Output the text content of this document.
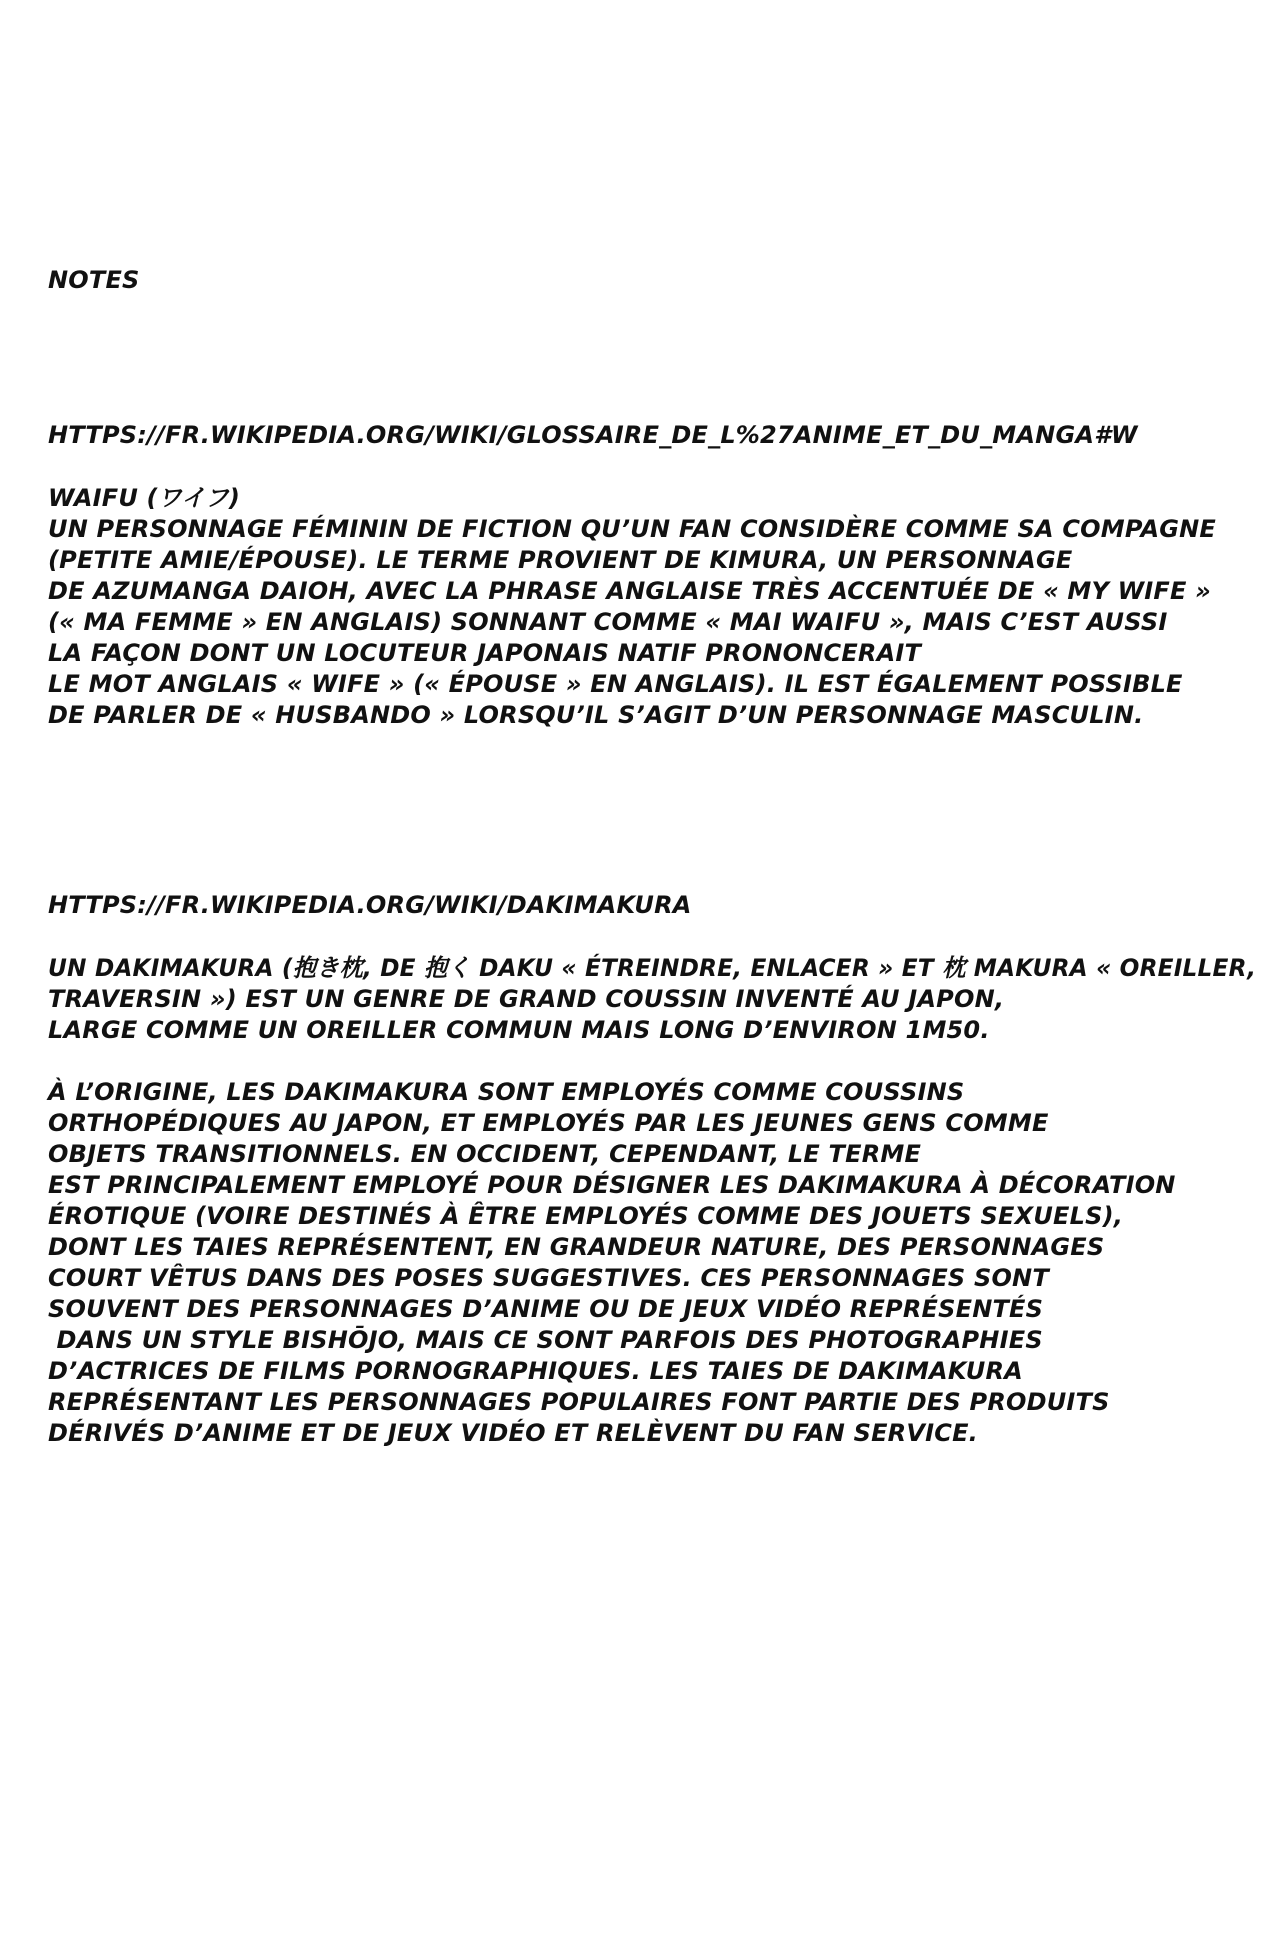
NOTES

HTTPS://FR.WIKIPEDIA.ORG/WIKI/GLOSSAIRE_DE_L%27ANIME_ET_DU_MANGA#W

WAIFU (ワイフ)

UN PERSONNAGE FÉMININ DE FICTION QU’UN FAN CONSIDÈRE COMME SA COMPAGNE

(PETITE AMIE/ÉPOUSE). LE TERME PROVIENT DE KIMURA, UN PERSONNAGE

DE AZUMANGA DAIOH, AVEC LA PHRASE ANGLAISE TRÈS ACCENTUÉE DE « MY WIFE »

(« MA FEMME » EN ANGLAIS) SONNANT COMME « MAI WAIFU », MAIS C’EST AUSSI

LA FAÇON DONT UN LOCUTEUR JAPONAIS NATIF PRONONCERAIT

LE MOT ANGLAIS « WIFE » (« ÉPOUSE » EN ANGLAIS). IL EST ÉGALEMENT POSSIBLE

DE PARLER DE « HUSBANDO » LORSQU’IL S’AGIT D’UN PERSONNAGE MASCULIN.

HTTPS://FR.WIKIPEDIA.ORG/WIKI/DAKIMAKURA

UN DAKIMAKURA (抱き枕, DE 抱く DAKU « ÉTREINDRE, ENLACER » ET 枕 MAKURA « OREILLER,

TRAVERSIN ») EST UN GENRE DE GRAND COUSSIN INVENTÉ AU JAPON,

LARGE COMME UN OREILLER COMMUN MAIS LONG D’ENVIRON 1M50.

À L’ORIGINE, LES DAKIMAKURA SONT EMPLOYÉS COMME COUSSINS

ORTHOPÉDIQUES AU JAPON, ET EMPLOYÉS PAR LES JEUNES GENS COMME

OBJETS TRANSITIONNELS. EN OCCIDENT, CEPENDANT, LE TERME

EST PRINCIPALEMENT EMPLOYÉ POUR DÉSIGNER LES DAKIMAKURA À DÉCORATION

ÉROTIQUE (VOIRE DESTINÉS À ÊTRE EMPLOYÉS COMME DES JOUETS SEXUELS),

DONT LES TAIES REPRÉSENTENT, EN GRANDEUR NATURE, DES PERSONNAGES

COURT VÊTUS DANS DES POSES SUGGESTIVES. CES PERSONNAGES SONT

SOUVENT DES PERSONNAGES D’ANIME OU DE JEUX VIDÉO REPRÉSENTÉS

DANS UN STYLE BISHŌJO, MAIS CE SONT PARFOIS DES PHOTOGRAPHIES

D’ACTRICES DE FILMS PORNOGRAPHIQUES. LES TAIES DE DAKIMAKURA

REPRÉSENTANT LES PERSONNAGES POPULAIRES FONT PARTIE DES PRODUITS

DÉRIVÉS D’ANIME ET DE JEUX VIDÉO ET RELÈVENT DU FAN SERVICE.
